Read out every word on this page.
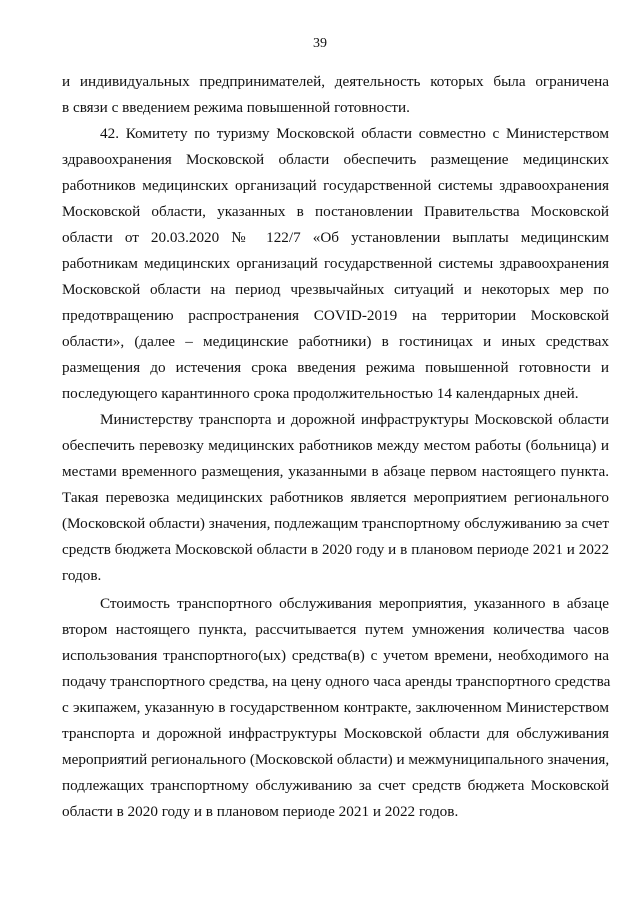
39
и индивидуальных предпринимателей, деятельность которых была ограничена
в связи с введением режима повышенной готовности.
42. Комитету по туризму Московской области совместно с Министерством
здравоохранения Московской области обеспечить размещение медицинских
работников медицинских организаций государственной системы здравоохранения
Московской области, указанных в постановлении Правительства Московской
области от 20.03.2020 № 122/7 «Об установлении выплаты медицинским
работникам медицинских организаций государственной системы здравоохранения
Московской области на период чрезвычайных ситуаций и некоторых мер по
предотвращению распространения COVID-2019 на территории Московской
области», (далее – медицинские работники) в гостиницах и иных средствах
размещения до истечения срока введения режима повышенной готовности и
последующего карантинного срока продолжительностью 14 календарных дней.
Министерству транспорта и дорожной инфраструктуры Московской области
обеспечить перевозку медицинских работников между местом работы (больница) и
местами временного размещения, указанными в абзаце первом настоящего пункта.
Такая перевозка медицинских работников является мероприятием регионального
(Московской области) значения, подлежащим транспортному обслуживанию за счет
средств бюджета Московской области в 2020 году и в плановом периоде 2021 и 2022
годов.
Стоимость транспортного обслуживания мероприятия, указанного в абзаце
втором настоящего пункта, рассчитывается путем умножения количества часов
использования транспортного(ых) средства(в) с учетом времени, необходимого на
подачу транспортного средства, на цену одного часа аренды транспортного средства
с экипажем, указанную в государственном контракте, заключенном Министерством
транспорта и дорожной инфраструктуры Московской области для обслуживания
мероприятий регионального (Московской области) и межмуниципального значения,
подлежащих транспортному обслуживанию за счет средств бюджета Московской
области в 2020 году и в плановом периоде 2021 и 2022 годов.
